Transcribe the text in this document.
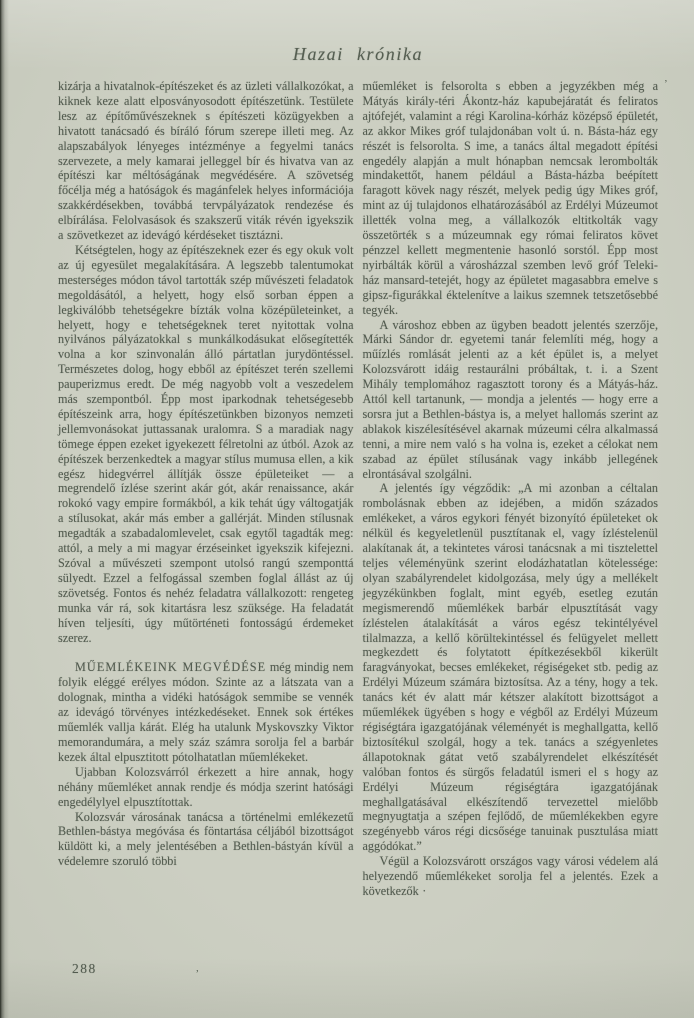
Hazai krónika

kizárja a hivatalnok-építészeket és az üzleti vállalkozókat, a kiknek keze alatt elposványosodott építészetünk. Testülete lesz az építőművészeknek s építészeti közügyekben a hivatott tanácsadó és bíráló fórum szerepe illeti meg. Az alapszabályok lényeges intézménye a fegyelmi tanács szervezete, a mely kamarai jelleggel bír és hivatva van az építészi kar méltóságának megvédésére. A szövetség főcélja még a hatóságok és magánfelek helyes információja szakkérdésekben, továbbá tervpályázatok rendezése és elbírálása. Felolvasások és szakszerű viták révén igyekszik a szövetkezet az idevágó kérdéseket tisztázni.

Kétségtelen, hogy az építészeknek ezer és egy okuk volt az új egyesület megalakítására. A legszebb talentumokat mesterséges módon távol tartották szép művészeti feladatok megoldásától, a helyett, hogy első sorban éppen a legkiválóbb tehetségekre bízták volna középületeinket, a helyett, hogy e tehetségeknek teret nyitottak volna nyilvános pályázatokkal s munkálkodásukat elősegítették volna a kor szinvonalán álló pártatlan jurydöntéssel. Természetes dolog, hogy ebből az építészet terén szellemi pauperizmus eredt. De még nagyobb volt a veszedelem más szempontból. Épp most iparkodnak tehetségesebb építészeink arra, hogy építészetünkben bizonyos nemzeti jellemvonásokat juttassanak uralomra. S a maradiak nagy tömege éppen ezeket igyekezett félretolni az útból. Azok az építészek berzenkedtek a magyar stílus mumusa ellen, a kik egész hidegvérrel állítják össze épületeiket — a megrendelő ízlése szerint akár gót, akár renaissance, akár rokokó vagy empire formákból, a kik tehát úgy váltogatják a stílusokat, akár más ember a gallérját. Minden stílusnak megadták a szabadalomlevelet, csak egytől tagadták meg: attól, a mely a mi magyar érzéseinket igyekszik kifejezni. Szóval a művészeti szempont utolsó rangú szemponttá sülyedt. Ezzel a felfogással szemben foglal állást az új szövetség. Fontos és nehéz feladatra vállalkozott: rengeteg munka vár rá, sok kitartásra lesz szüksége. Ha feladatát híven teljesíti, úgy műtörténeti fontosságú érdemeket szerez.

MŰEMLÉKEINK MEGVÉDÉSE még mindig nem folyik eléggé erélyes módon. Szinte az a látszata van a dolognak, mintha a vidéki hatóságok semmibe se vennék az idevágó törvényes intézkedéseket. Ennek sok értékes műemlék vallja kárát. Elég ha utalunk Myskovszky Viktor memorandumára, a mely száz számra sorolja fel a barbár kezek által elpusztitott pótolhatatlan műemlékeket.

Ujabban Kolozsvárról érkezett a hire annak, hogy néhány műemléket annak rendje és módja szerint hatósági engedélylyel elpusztítottak.

Kolozsvár városának tanácsa a történelmi emlékezetű Bethlen-bástya megóvása és föntartása céljából bizottságot küldött ki, a mely jelentésében a Bethlen-bástyán kívül a védelemre szoruló többi

műemléket is felsorolta s ebben a jegyzékben még a Mátyás király-téri Ákontz-ház kapubejáratát és feliratos ajtófejét, valamint a régi Karolina-kórház középső épületét, az akkor Mikes gróf tulajdonában volt ú. n. Básta-ház egy részét is felsorolta. S ime, a tanács által megadott építési engedély alapján a mult hónapban nemcsak lerombolták mindakettőt, hanem például a Básta-házba beépített faragott kövek nagy részét, melyek pedig úgy Mikes gróf, mint az új tulajdonos elhatározásából az Erdélyi Múzeumot illették volna meg, a vállalkozók eltitkolták vagy összetörték s a múzeumnak egy római feliratos követ pénzzel kellett megmentenie hasonló sorstól. Épp most nyirbálták körül a városházzal szemben levő gróf Teleki-ház mansard-tetejét, hogy az épületet magasabbra emelve s gipsz-figurákkal éktelenítve a laikus szemnek tetszetősebbé tegyék.

A városhoz ebben az ügyben beadott jelentés szerzője, Márki Sándor dr. egyetemi tanár felemlíti még, hogy a műízlés romlását jelenti az a két épület is, a melyet Kolozsvárott idáig restaurálni próbáltak, t. i. a Szent Mihály templomához ragasztott torony és a Mátyás-ház. Attól kell tartanunk, — mondja a jelentés — hogy erre a sorsra jut a Bethlen-bástya is, a melyet hallomás szerint az ablakok kiszélesítésével akarnak múzeumi célra alkalmassá tenni, a mire nem való s ha volna is, ezeket a célokat nem szabad az épület stílusának vagy inkább jellegének elrontásával szolgálni.

A jelentés így végződik: „A mi azonban a céltalan rombolásnak ebben az idejében, a midőn százados emlékeket, a város egykori fényét bizonyító épületeket ok nélkül és kegyeletlenül pusztítanak el, vagy ízléstelenül alakítanak át, a tekintetes városi tanácsnak a mi tisztelettel teljes véleményünk szerint elodázhatatlan kötelessége: olyan szabályrendelet kidolgozása, mely úgy a mellékelt jegyzékünkben foglalt, mint egyéb, esetleg ezután megismerendő műemlékek barbár elpusztítását vagy ízléstelen átalakítását a város egész tekintélyével tilalmazza, a kellő körültekintéssel és felügyelet mellett megkezdett és folytatott építkezésekből kikerült faragványokat, becses emlékeket, régiségeket stb. pedig az Erdélyi Múzeum számára biztosítsa. Az a tény, hogy a tek. tanács két év alatt már kétszer alakított bizottságot a műemlékek ügyében s hogy e végből az Erdélyi Múzeum régiségtára igazgatójának véleményét is meghallgatta, kellő biztosítékul szolgál, hogy a tek. tanács a szégyenletes állapotoknak gátat vető szabályrendelet elkészítését valóban fontos és sürgős feladatúl ismeri el s hogy az Erdélyi Múzeum régiségtára igazgatójának meghallgatásával elkészítendő tervezettel mielőbb megnyugtatja a szépen fejlődő, de műemlékekben egyre szegényebb város régi dicsősége tanuinak pusztulása miatt aggódókat.”

Végül a Kolozsvárott országos vagy városi védelem alá helyezendő műemlékeket sorolja fel a jelentés. Ezek a következők ·

288
’
,
